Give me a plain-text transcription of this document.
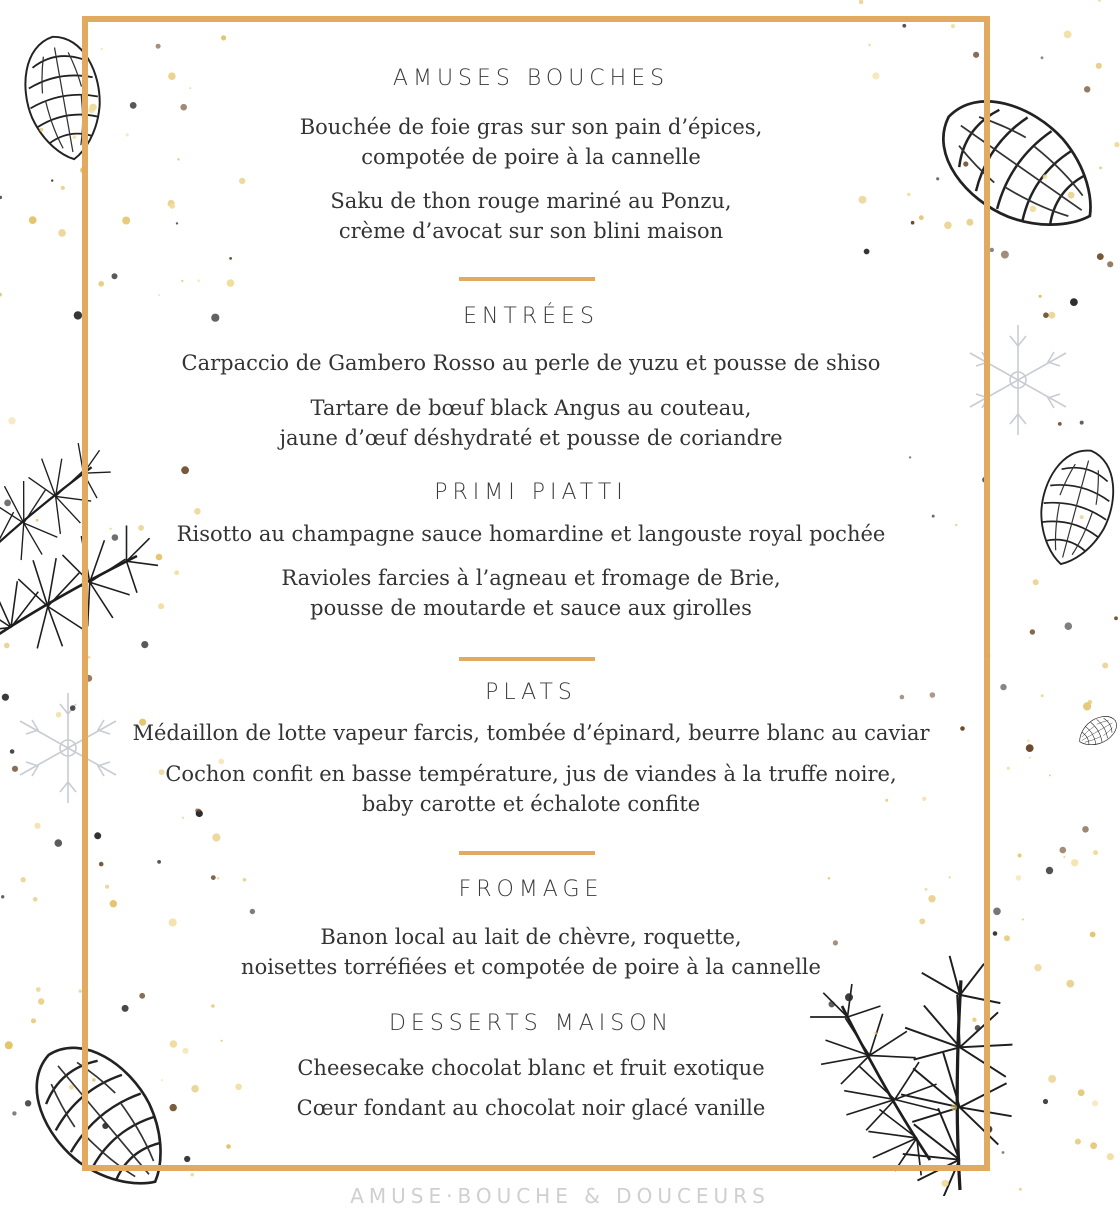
AMUSES BOUCHES
Bouchée de foie gras sur son pain d’épices,
compotée de poire à la cannelle
Saku de thon rouge mariné au Ponzu,
crème d’avocat sur son blini maison
ENTRÉES
Carpaccio de Gambero Rosso au perle de yuzu et pousse de shiso
Tartare de bœuf black Angus au couteau,
jaune d’œuf déshydraté et pousse de coriandre
PRIMI PIATTI
Risotto au champagne sauce homardine et langouste royal pochée
Ravioles farcies à l’agneau et fromage de Brie,
pousse de moutarde et sauce aux girolles
PLATS
Médaillon de lotte vapeur farcis, tombée d’épinard, beurre blanc au caviar
Cochon confit en basse température, jus de viandes à la truffe noire,
baby carotte et échalote confite
FROMAGE
Banon local au lait de chèvre, roquette,
noisettes torréfiées et compotée de poire à la cannelle
DESSERTS MAISON
Cheesecake chocolat blanc et fruit exotique
Cœur fondant au chocolat noir glacé vanille
AMUSE·BOUCHE & DOUCEURS
